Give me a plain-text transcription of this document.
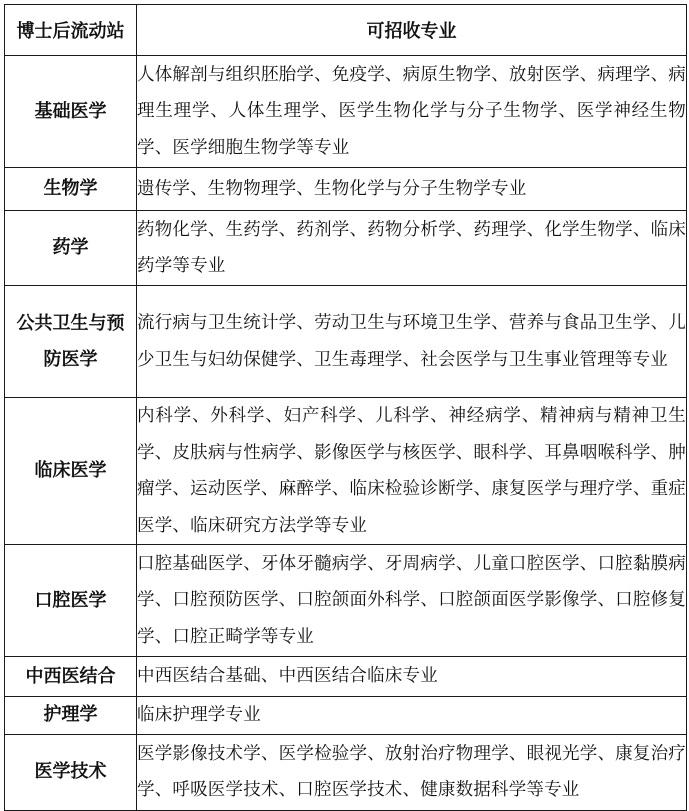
博士后流动站	可招收专业
基础医学	人体解剖与组织胚胎学、免疫学、病原生物学、放射医学、病理学、病理生理学、人体生理学、医学生物化学与分子生物学、医学神经生物学、医学细胞生物学等专业
生物学	遗传学、生物物理学、生物化学与分子生物学专业
药学	药物化学、生药学、药剂学、药物分析学、药理学、化学生物学、临床药学等专业
公共卫生与预防医学	流行病与卫生统计学、劳动卫生与环境卫生学、营养与食品卫生学、儿少卫生与妇幼保健学、卫生毒理学、社会医学与卫生事业管理等专业
临床医学	内科学、外科学、妇产科学、儿科学、神经病学、精神病与精神卫生学、皮肤病与性病学、影像医学与核医学、眼科学、耳鼻咽喉科学、肿瘤学、运动医学、麻醉学、临床检验诊断学、康复医学与理疗学、重症医学、临床研究方法学等专业
口腔医学	口腔基础医学、牙体牙髓病学、牙周病学、儿童口腔医学、口腔黏膜病学、口腔预防医学、口腔颌面外科学、口腔颌面医学影像学、口腔修复学、口腔正畸学等专业
中西医结合	中西医结合基础、中西医结合临床专业
护理学	临床护理学专业
医学技术	医学影像技术学、医学检验学、放射治疗物理学、眼视光学、康复治疗学、呼吸医学技术、口腔医学技术、健康数据科学等专业
